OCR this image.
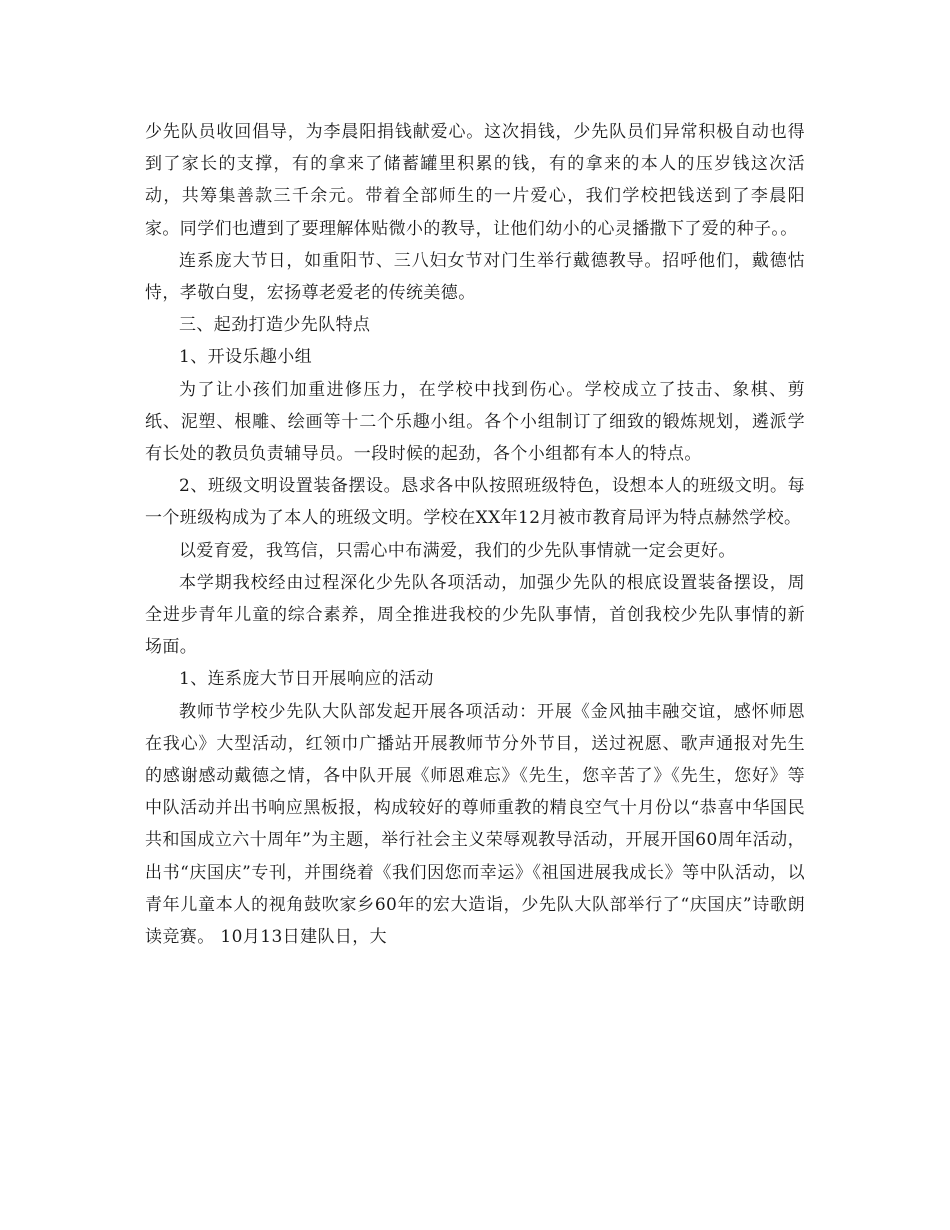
少先队员收回倡导，为李晨阳捐钱献爱心。这次捐钱，少先队员们异常积极自动也得到了家长的支撑，有的拿来了储蓄罐里积累的钱，有的拿来的本人的压岁钱这次活动，共筹集善款三千余元。带着全部师生的一片爱心，我们学校把钱送到了李晨阳家。同学们也遭到了要理解体贴微小的教导，让他们幼小的心灵播撒下了爱的种子。。

连系庞大节日，如重阳节、三八妇女节对门生举行戴德教导。招呼他们，戴德怙恃，孝敬白叟，宏扬尊老爱老的传统美德。

三、起劲打造少先队特点

1、开设乐趣小组

为了让小孩们加重进修压力，在学校中找到伤心。学校成立了技击、象棋、剪纸、泥塑、根雕、绘画等十二个乐趣小组。各个小组制订了细致的锻炼规划，遴派学有长处的教员负责辅导员。一段时候的起劲，各个小组都有本人的特点。

2、班级文明设置装备摆设。恳求各中队按照班级特色，设想本人的班级文明。每一个班级构成为了本人的班级文明。学校在XX年12月被市教育局评为特点赫然学校。

以爱育爱，我笃信，只需心中布满爱，我们的少先队事情就一定会更好。

本学期我校经由过程深化少先队各项活动，加强少先队的根底设置装备摆设，周全进步青年儿童的综合素养，周全推进我校的少先队事情，首创我校少先队事情的新场面。

1、连系庞大节日开展响应的活动

教师节学校少先队大队部发起开展各项活动：开展《金风抽丰融交谊，感怀师恩在我心》大型活动，红领巾广播站开展教师节分外节目，送过祝愿、歌声通报对先生的感谢感动戴德之情，各中队开展《师恩难忘》《先生，您辛苦了》《先生，您好》等中队活动并出书响应黑板报，构成较好的尊师重教的精良空气十月份以“恭喜中华国民共和国成立六十周年”为主题，举行社会主义荣辱观教导活动，开展开国60周年活动，出书“庆国庆”专刊，并围绕着《我们因您而幸运》《祖国进展我成长》等中队活动，以青年儿童本人的视角鼓吹家乡60年的宏大造诣，少先队大队部举行了“庆国庆”诗歌朗读竞赛。 10月13日建队日，大
